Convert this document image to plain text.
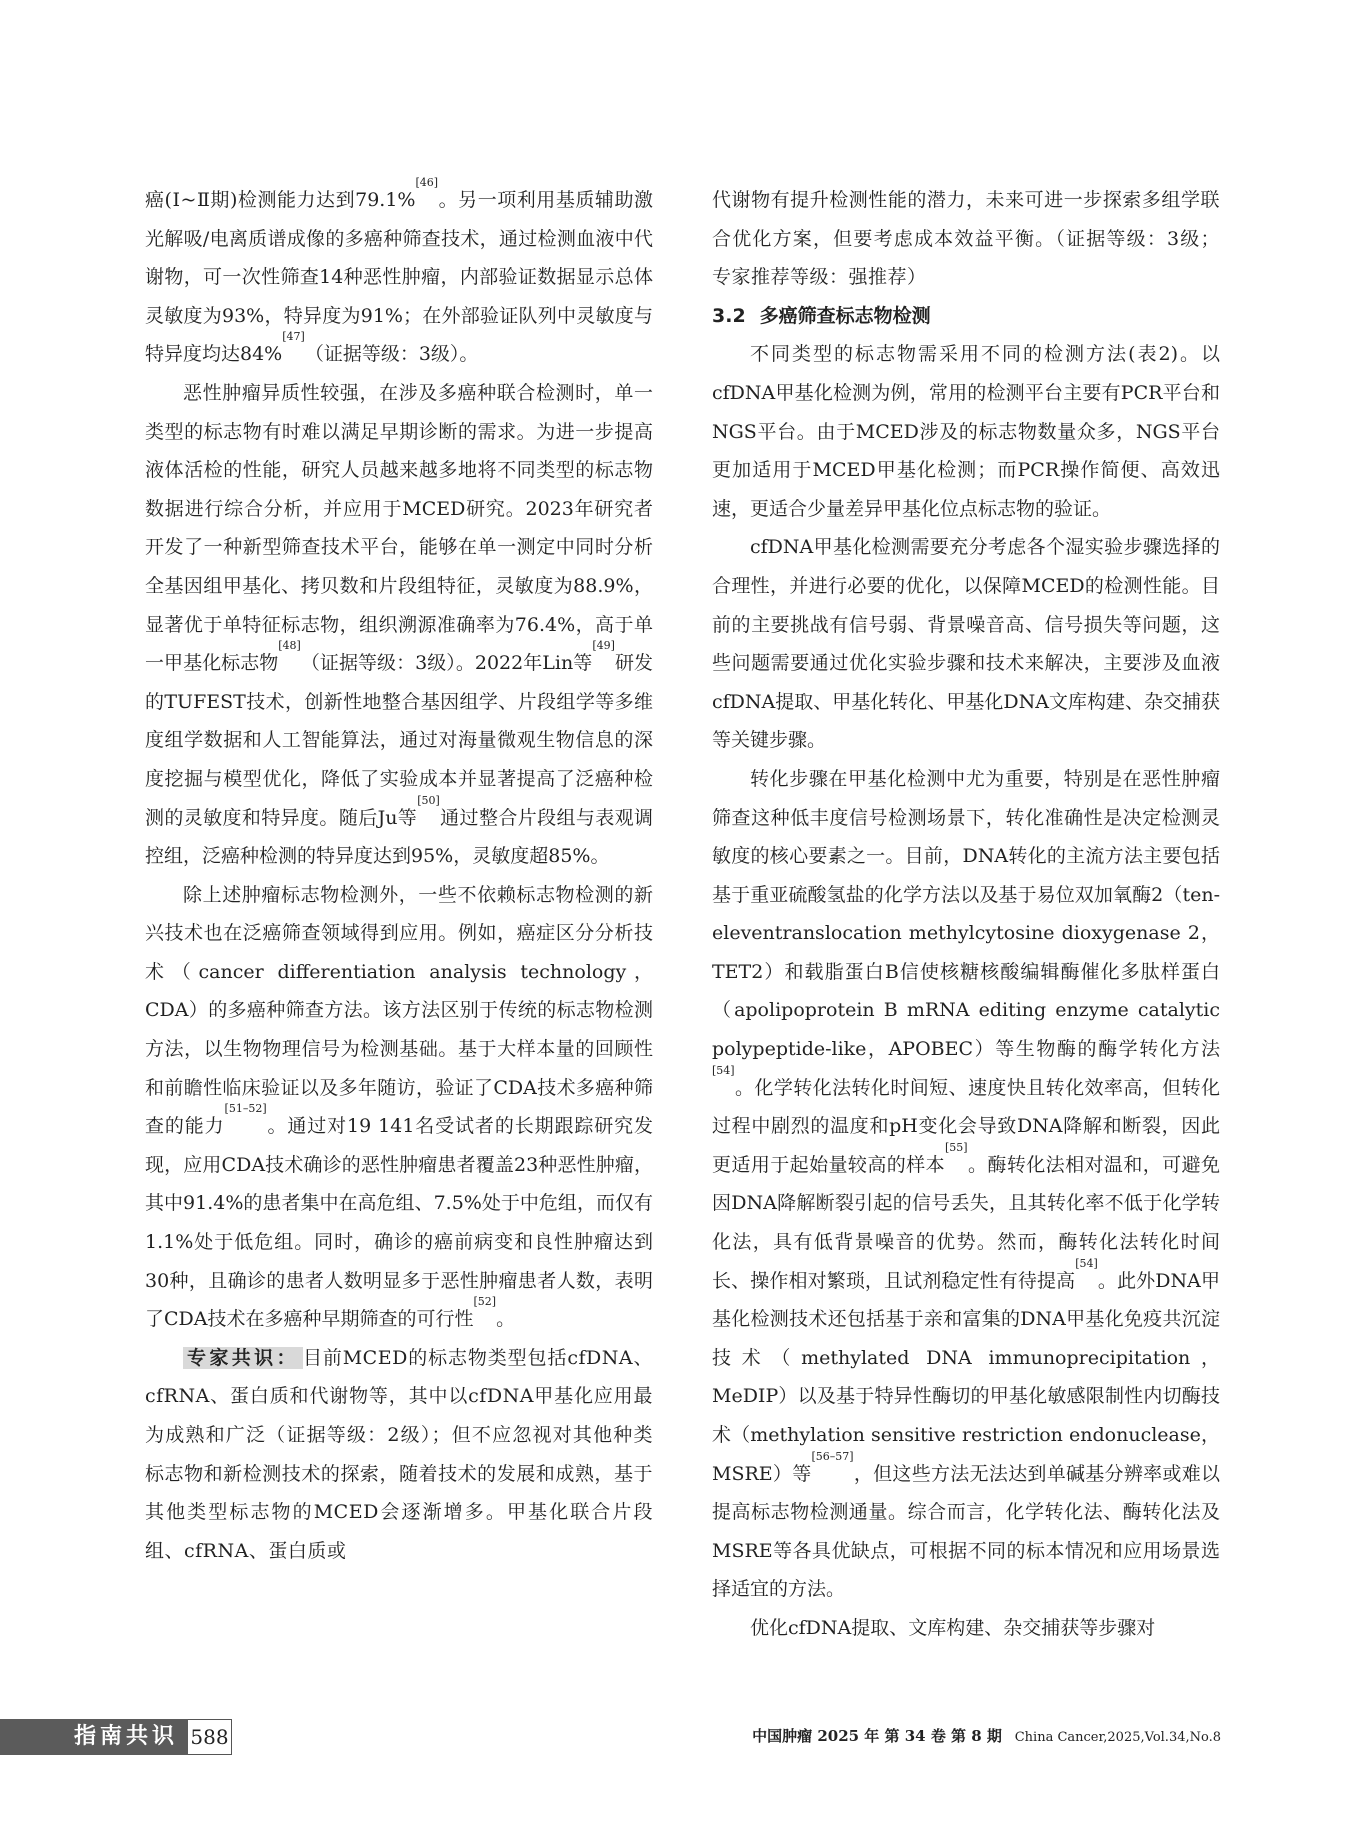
癌(Ⅰ~Ⅱ期)检测能力达到79.1%[46]。另一项利用基质辅助激光解吸/电离质谱成像的多癌种筛查技术，通过检测血液中代谢物，可一次性筛查14种恶性肿瘤，内部验证数据显示总体灵敏度为93%，特异度为91%；在外部验证队列中灵敏度与特异度均达84%[47]（证据等级：3级）。

恶性肿瘤异质性较强，在涉及多癌种联合检测时，单一类型的标志物有时难以满足早期诊断的需求。为进一步提高液体活检的性能，研究人员越来越多地将不同类型的标志物数据进行综合分析，并应用于MCED研究。2023年研究者开发了一种新型筛查技术平台，能够在单一测定中同时分析全基因组甲基化、拷贝数和片段组特征，灵敏度为88.9%，显著优于单特征标志物，组织溯源准确率为76.4%，高于单一甲基化标志物[48]（证据等级：3级）。2022年Lin等[49]研发的TUFEST技术，创新性地整合基因组学、片段组学等多维度组学数据和人工智能算法，通过对海量微观生物信息的深度挖掘与模型优化，降低了实验成本并显著提高了泛癌种检测的灵敏度和特异度。随后Ju等[50]通过整合片段组与表观调控组，泛癌种检测的特异度达到95%，灵敏度超85%。

除上述肿瘤标志物检测外，一些不依赖标志物检测的新兴技术也在泛癌筛查领域得到应用。例如，癌症区分分析技术（cancer differentiation analysis technology，CDA）的多癌种筛查方法。该方法区别于传统的标志物检测方法，以生物物理信号为检测基础。基于大样本量的回顾性和前瞻性临床验证以及多年随访，验证了CDA技术多癌种筛查的能力[51–52]。通过对19 141名受试者的长期跟踪研究发现，应用CDA技术确诊的恶性肿瘤患者覆盖23种恶性肿瘤，其中91.4%的患者集中在高危组、7.5%处于中危组，而仅有1.1%处于低危组。同时，确诊的癌前病变和良性肿瘤达到30种，且确诊的患者人数明显多于恶性肿瘤患者人数，表明了CDA技术在多癌种早期筛查的可行性[52]。

专家共识： 目前MCED的标志物类型包括cfDNA、cfRNA、蛋白质和代谢物等，其中以cfDNA甲基化应用最为成熟和广泛（证据等级：2级）；但不应忽视对其他种类标志物和新检测技术的探索，随着技术的发展和成熟，基于其他类型标志物的MCED会逐渐增多。甲基化联合片段组、cfRNA、蛋白质或

代谢物有提升检测性能的潜力，未来可进一步探索多组学联合优化方案，但要考虑成本效益平衡。（证据等级：3级；专家推荐等级：强推荐）

3.2 多癌筛查标志物检测

不同类型的标志物需采用不同的检测方法(表2)。以cfDNA甲基化检测为例，常用的检测平台主要有PCR平台和NGS平台。由于MCED涉及的标志物数量众多，NGS平台更加适用于MCED甲基化检测；而PCR操作简便、高效迅速，更适合少量差异甲基化位点标志物的验证。

cfDNA甲基化检测需要充分考虑各个湿实验步骤选择的合理性，并进行必要的优化，以保障MCED的检测性能。目前的主要挑战有信号弱、背景噪音高、信号损失等问题，这些问题需要通过优化实验步骤和技术来解决，主要涉及血液cfDNA提取、甲基化转化、甲基化DNA文库构建、杂交捕获等关键步骤。

转化步骤在甲基化检测中尤为重要，特别是在恶性肿瘤筛查这种低丰度信号检测场景下，转化准确性是决定检测灵敏度的核心要素之一。目前，DNA转化的主流方法主要包括基于重亚硫酸氢盐的化学方法以及基于易位双加氧酶2（ten-eleventranslocation methylcytosine dioxygenase 2，TET2）和载脂蛋白B信使核糖核酸编辑酶催化多肽样蛋白（apolipoprotein B mRNA editing enzyme catalytic polypeptide-like，APOBEC）等生物酶的酶学转化方法[54]。化学转化法转化时间短、速度快且转化效率高，但转化过程中剧烈的温度和pH变化会导致DNA降解和断裂，因此更适用于起始量较高的样本[55]。酶转化法相对温和，可避免因DNA降解断裂引起的信号丢失，且其转化率不低于化学转化法，具有低背景噪音的优势。然而，酶转化法转化时间长、操作相对繁琐，且试剂稳定性有待提高[54]。此外DNA甲基化检测技术还包括基于亲和富集的DNA甲基化免疫共沉淀技术（methylated DNA immunoprecipitation，MeDIP）以及基于特异性酶切的甲基化敏感限制性内切酶技术（methylation sensitive restriction endonuclease，MSRE）等[56–57]，但这些方法无法达到单碱基分辨率或难以提高标志物检测通量。综合而言，化学转化法、酶转化法及MSRE等各具优缺点，可根据不同的标本情况和应用场景选择适宜的方法。

优化cfDNA提取、文库构建、杂交捕获等步骤对

指南共识 588	中国肿瘤 2025 年 第 34 卷 第 8 期 China Cancer,2025,Vol.34,No.8
